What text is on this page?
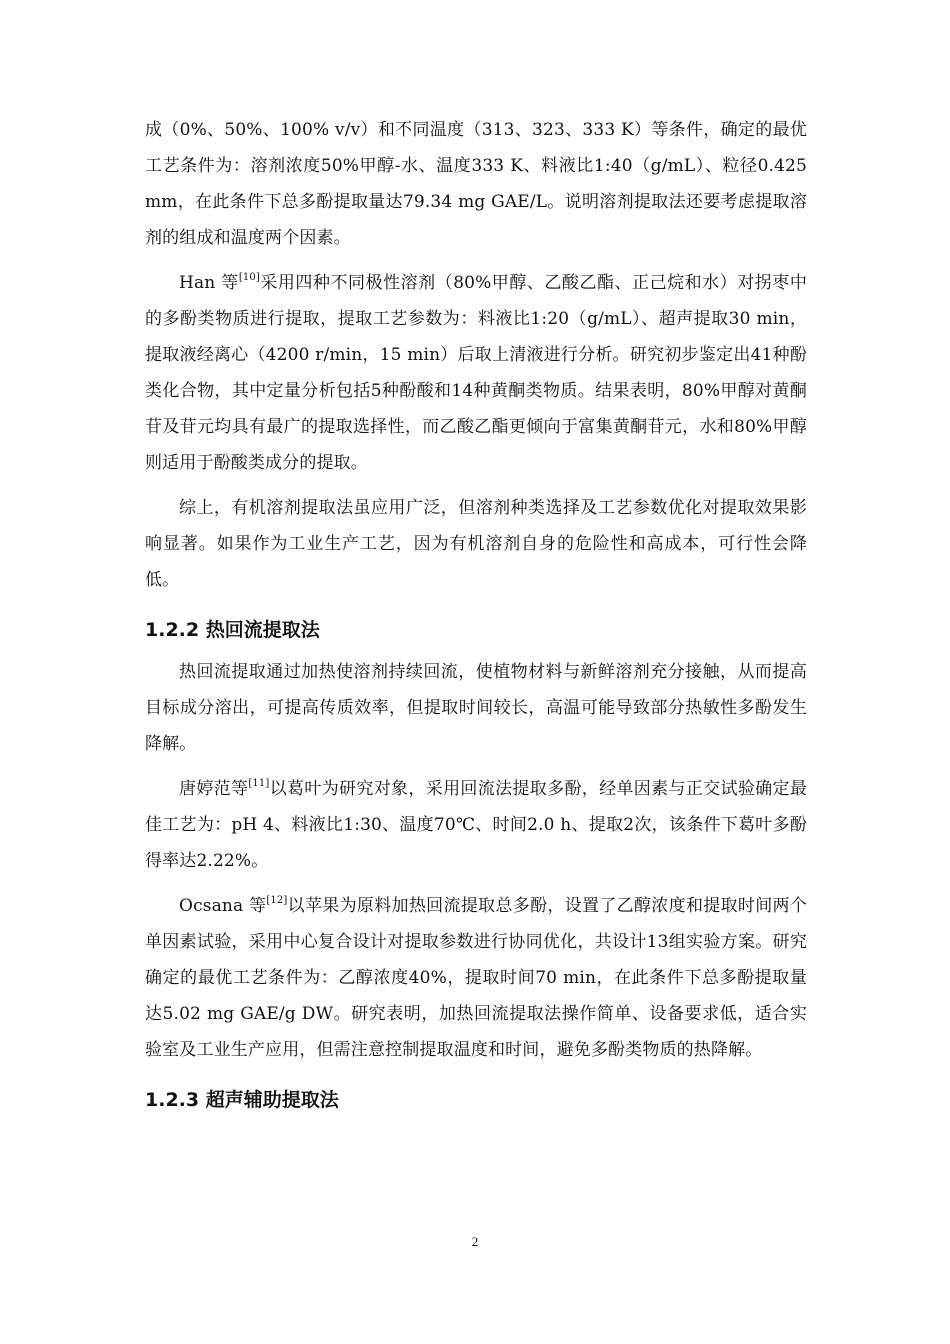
成（0%、50%、100% v/v）和不同温度（313、323、333 K）等条件，确定的最优工艺条件为：溶剂浓度50%甲醇-水、温度333 K、料液比1:40（g/mL）、粒径0.425 mm，在此条件下总多酚提取量达79.34 mg GAE/L。说明溶剂提取法还要考虑提取溶剂的组成和温度两个因素。

Han 等[10]采用四种不同极性溶剂（80%甲醇、乙酸乙酯、正己烷和水）对拐枣中的多酚类物质进行提取，提取工艺参数为：料液比1:20（g/mL）、超声提取30 min，提取液经离心（4200 r/min，15 min）后取上清液进行分析。研究初步鉴定出41种酚类化合物，其中定量分析包括5种酚酸和14种黄酮类物质。结果表明，80%甲醇对黄酮苷及苷元均具有最广的提取选择性，而乙酸乙酯更倾向于富集黄酮苷元，水和80%甲醇则适用于酚酸类成分的提取。

综上，有机溶剂提取法虽应用广泛，但溶剂种类选择及工艺参数优化对提取效果影响显著。如果作为工业生产工艺，因为有机溶剂自身的危险性和高成本，可行性会降低。

1.2.2 热回流提取法

热回流提取通过加热使溶剂持续回流，使植物材料与新鲜溶剂充分接触，从而提高目标成分溶出，可提高传质效率，但提取时间较长，高温可能导致部分热敏性多酚发生降解。

唐婷范等[11]以葛叶为研究对象，采用回流法提取多酚，经单因素与正交试验确定最佳工艺为：pH 4、料液比1:30、温度70℃、时间2.0 h、提取2次，该条件下葛叶多酚得率达2.22%。

Ocsana 等[12]以苹果为原料加热回流提取总多酚，设置了乙醇浓度和提取时间两个单因素试验，采用中心复合设计对提取参数进行协同优化，共设计13组实验方案。研究确定的最优工艺条件为：乙醇浓度40%，提取时间70 min，在此条件下总多酚提取量达5.02 mg GAE/g DW。研究表明，加热回流提取法操作简单、设备要求低，适合实验室及工业生产应用，但需注意控制提取温度和时间，避免多酚类物质的热降解。

1.2.3 超声辅助提取法
2
